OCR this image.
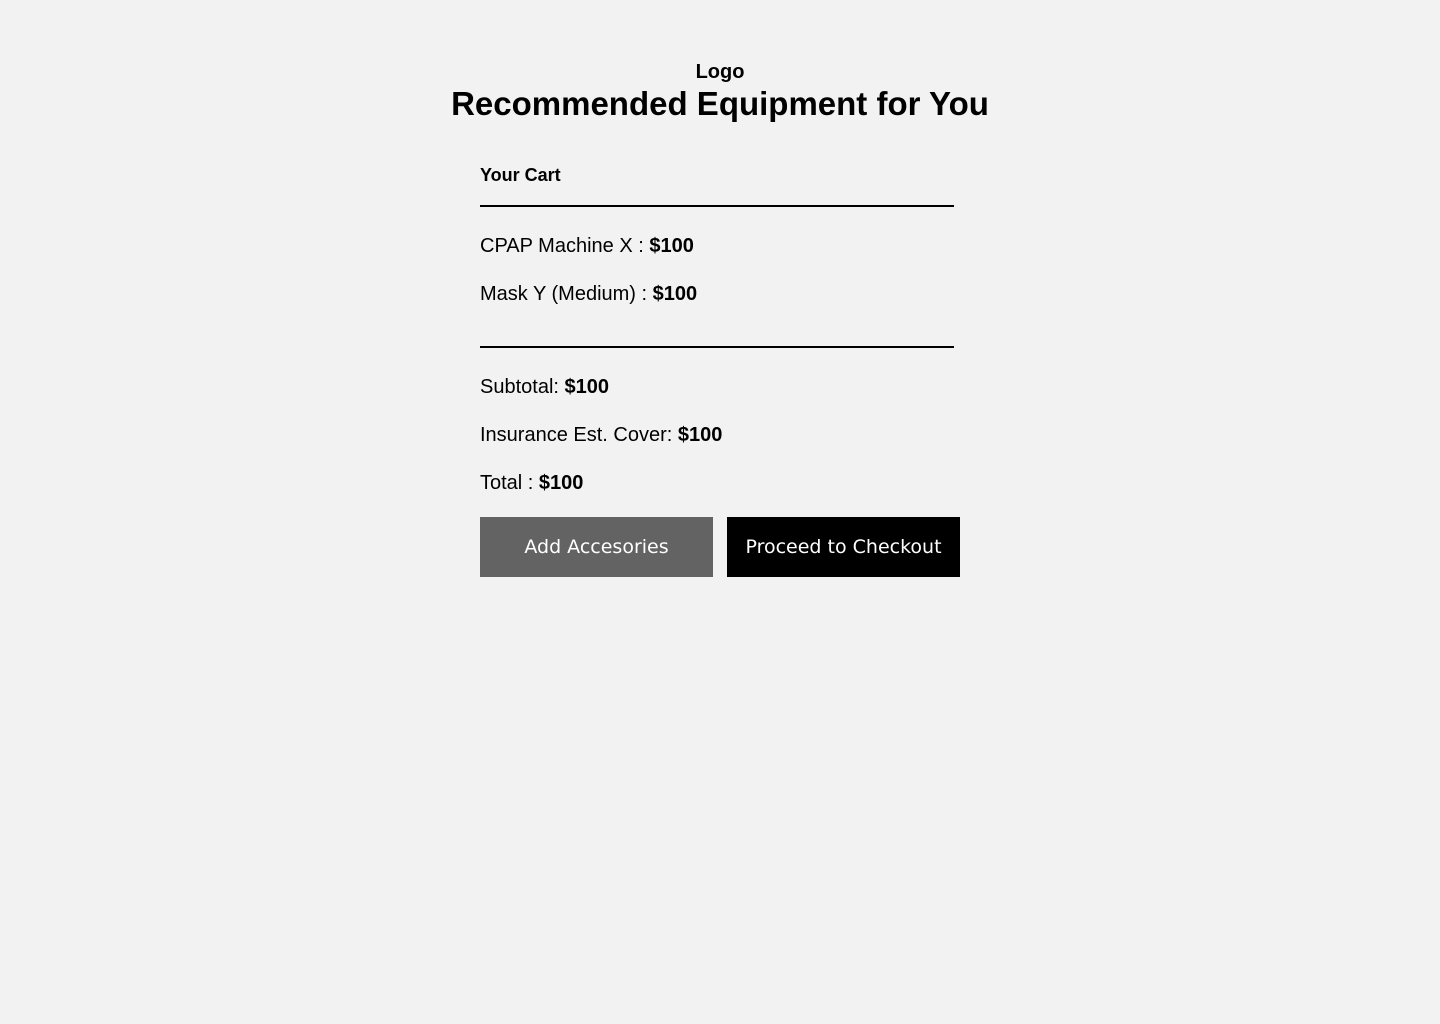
Logo
Recommended Equipment for You
Your Cart
CPAP Machine X : $100
Mask Y (Medium) : $100
Subtotal: $100
Insurance Est. Cover: $100
Total : $100
Add Accesories	Proceed to Checkout
